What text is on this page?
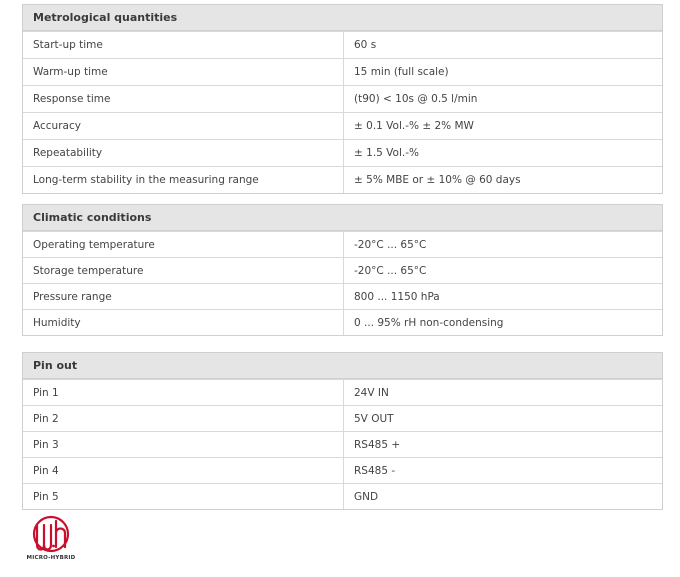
Metrological quantities
Start-up time	60 s
Warm-up time	15 min (full scale)
Response time	(t90) < 10s @ 0.5 l/min
Accuracy	± 0.1 Vol.-% ± 2% MW
Repeatability	± 1.5 Vol.-%
Long-term stability in the measuring range	± 5% MBE or ± 10% @ 60 days
Climatic conditions
Operating temperature	-20°C ... 65°C
Storage temperature	-20°C ... 65°C
Pressure range	800 ... 1150 hPa
Humidity	0 ... 95% rH non-condensing
Pin out
Pin 1	24V IN
Pin 2	5V OUT
Pin 3	RS485 +
Pin 4	RS485 -
Pin 5	GND
MICRO-HYBRID
